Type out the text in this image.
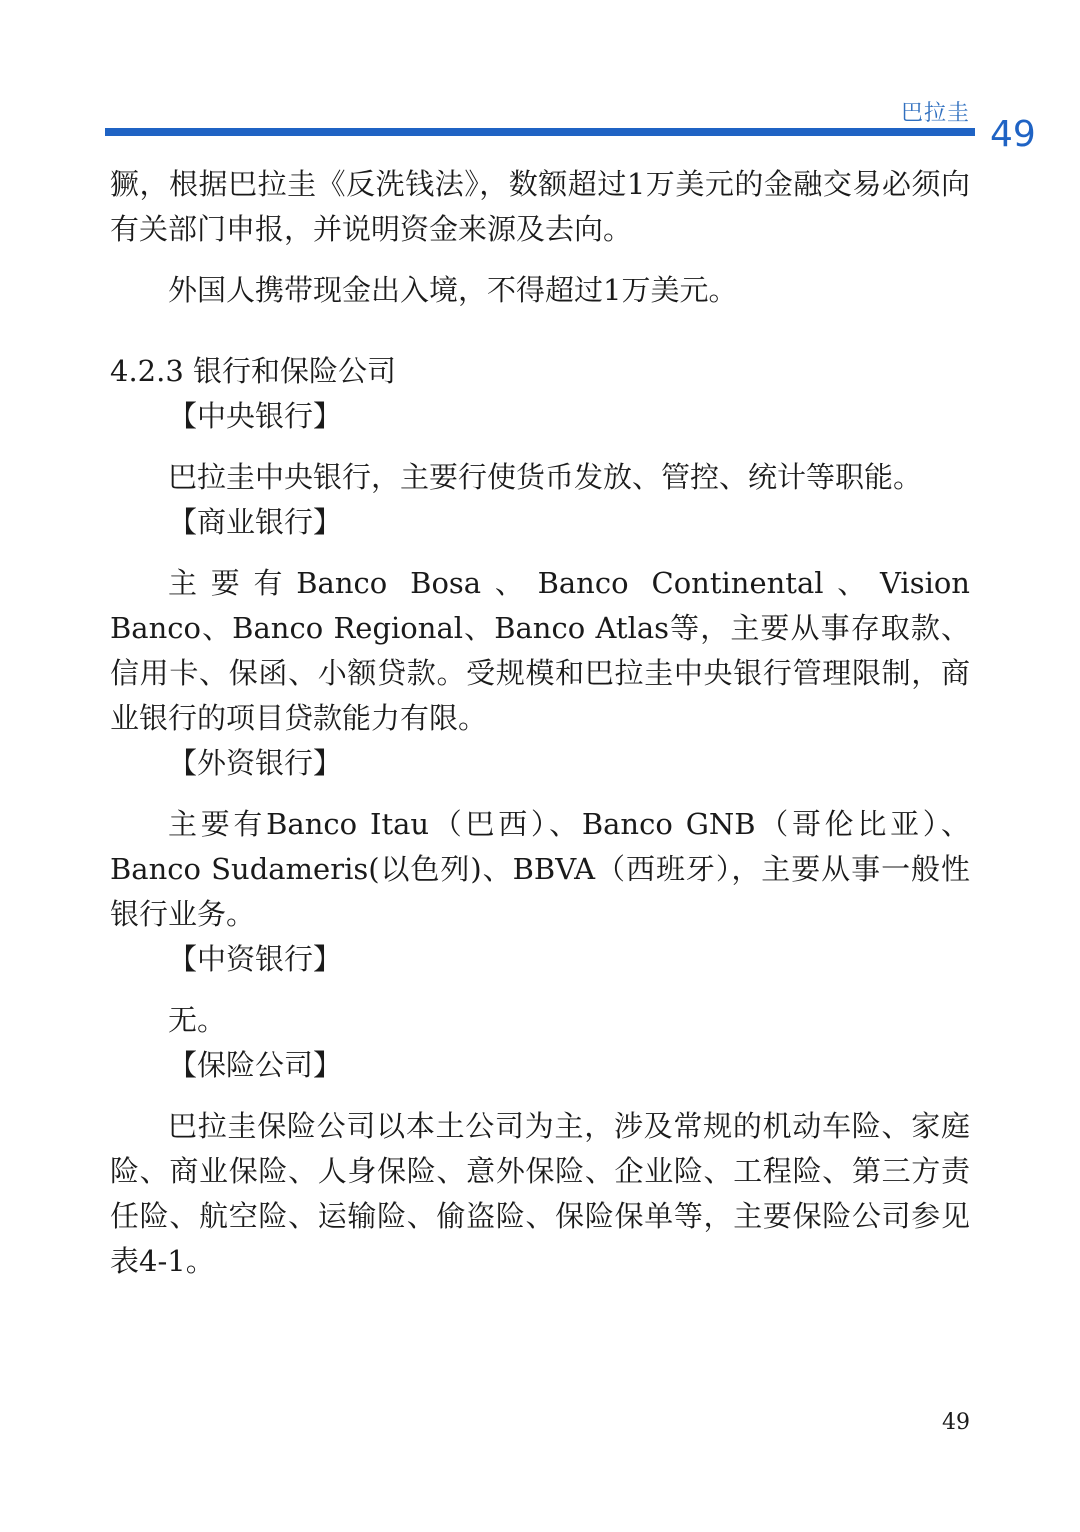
巴拉圭
49

獗，根据巴拉圭《反洗钱法》，数额超过1万美元的金融交易必须向有关部门申报，并说明资金来源及去向。

外国人携带现金出入境，不得超过1万美元。

4.2.3 银行和保险公司

【中央银行】

巴拉圭中央银行，主要行使货币发放、管控、统计等职能。

【商业银行】

主要有Banco Bosa、Banco Continental、Vision Banco、Banco Regional、Banco Atlas等，主要从事存取款、信用卡、保函、小额贷款。受规模和巴拉圭中央银行管理限制，商业银行的项目贷款能力有限。

【外资银行】

主要有Banco Itau（巴西）、Banco GNB（哥伦比亚）、Banco Sudameris(以色列)、BBVA（西班牙），主要从事一般性银行业务。

【中资银行】

无。

【保险公司】

巴拉圭保险公司以本土公司为主，涉及常规的机动车险、家庭险、商业保险、人身保险、意外保险、企业险、工程险、第三方责任险、航空险、运输险、偷盗险、保险保单等，主要保险公司参见表4-1。

49
